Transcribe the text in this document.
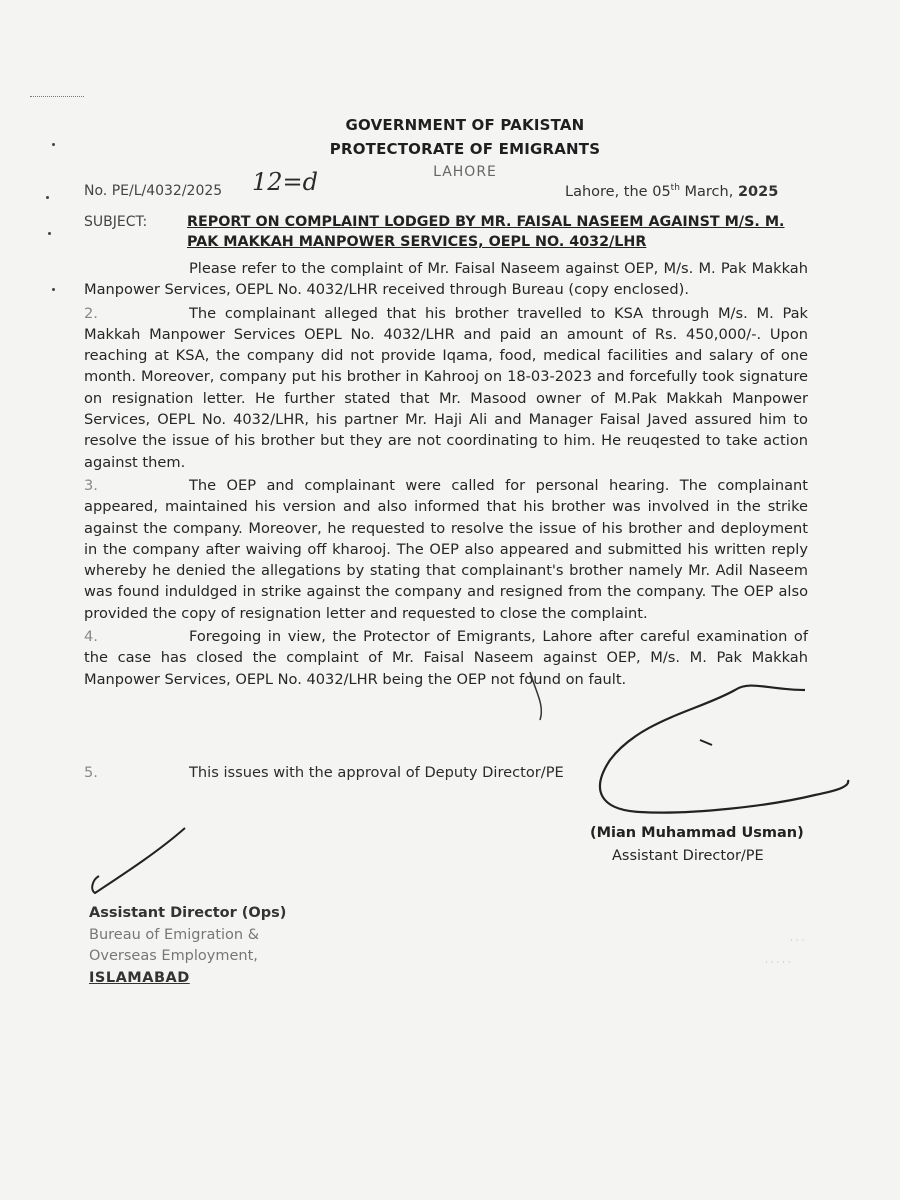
GOVERNMENT OF PAKISTAN
PROTECTORATE OF EMIGRANTS
LAHORE
No. PE/L/4032/2025 12=d	Lahore, the 05th March, 2025
SUBJECT:	REPORT ON COMPLAINT LODGED BY MR. FAISAL NASEEM AGAINST M/S. M. PAK MAKKAH MANPOWER SERVICES, OEPL NO. 4032/LHR

Please refer to the complaint of Mr. Faisal Naseem against OEP, M/s. M. Pak Makkah Manpower Services, OEPL No. 4032/LHR received through Bureau (copy enclosed).

2.	The complainant alleged that his brother travelled to KSA through M/s. M. Pak Makkah Manpower Services OEPL No. 4032/LHR and paid an amount of Rs. 450,000/-. Upon reaching at KSA, the company did not provide Iqama, food, medical facilities and salary of one month. Moreover, company put his brother in Kahrooj on 18-03-2023 and forcefully took signature on resignation letter. He further stated that Mr. Masood owner of M.Pak Makkah Manpower Services, OEPL No. 4032/LHR, his partner Mr. Haji Ali and Manager Faisal Javed assured him to resolve the issue of his brother but they are not coordinating to him. He reuqested to take action against them.

3.	The OEP and complainant were called for personal hearing. The complainant appeared, maintained his version and also informed that his brother was involved in the strike against the company. Moreover, he requested to resolve the issue of his brother and deployment in the company after waiving off kharooj. The OEP also appeared and submitted his written reply whereby he denied the allegations by stating that complainant's brother namely Mr. Adil Naseem was found induldged in strike against the company and resigned from the company. The OEP also provided the copy of resignation letter and requested to close the complaint.

4.	Foregoing in view, the Protector of Emigrants, Lahore after careful examination of the case has closed the complaint of Mr. Faisal Naseem against OEP, M/s. M. Pak Makkah Manpower Services, OEPL No. 4032/LHR being the OEP not found on fault.

5.	This issues with the approval of Deputy Director/PE
(Mian Muhammad Usman)
Assistant Director/PE
Assistant Director (Ops)
Bureau of Emigration &
Overseas Employment,
ISLAMABAD
· · ·
· · · · ·
